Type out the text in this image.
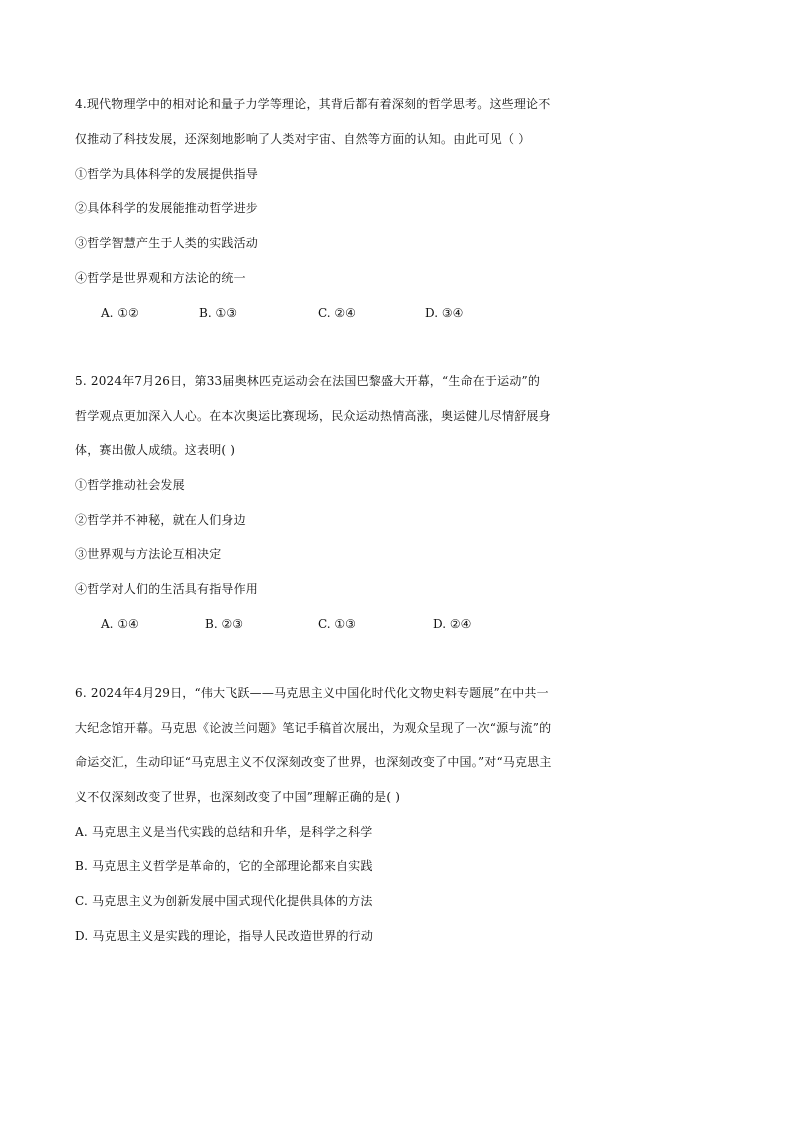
4.现代物理学中的相对论和量子力学等理论，其背后都有着深刻的哲学思考。这些理论不
仅推动了科技发展，还深刻地影响了人类对宇宙、自然等方面的认知。由此可见（ ）
①哲学为具体科学的发展提供指导
②具体科学的发展能推动哲学进步
③哲学智慧产生于人类的实践活动
④哲学是世界观和方法论的统一
A. ①②	B. ①③	C. ②④	D. ③④
5. 2024年7月26日，第33届奥林匹克运动会在法国巴黎盛大开幕，“生命在于运动”的
哲学观点更加深入人心。在本次奥运比赛现场，民众运动热情高涨，奥运健儿尽情舒展身
体，赛出傲人成绩。这表明( )
①哲学推动社会发展
②哲学并不神秘，就在人们身边
③世界观与方法论互相决定
④哲学对人们的生活具有指导作用
A. ①④	B. ②③	C. ①③	D. ②④
6. 2024年4月29日，“伟大飞跃——马克思主义中国化时代化文物史料专题展”在中共一
大纪念馆开幕。马克思《论波兰问题》笔记手稿首次展出，为观众呈现了一次“源与流”的
命运交汇，生动印证“马克思主义不仅深刻改变了世界，也深刻改变了中国。”对“马克思主
义不仅深刻改变了世界，也深刻改变了中国”理解正确的是( )
A. 马克思主义是当代实践的总结和升华，是科学之科学
B. 马克思主义哲学是革命的，它的全部理论都来自实践
C. 马克思主义为创新发展中国式现代化提供具体的方法
D. 马克思主义是实践的理论，指导人民改造世界的行动
